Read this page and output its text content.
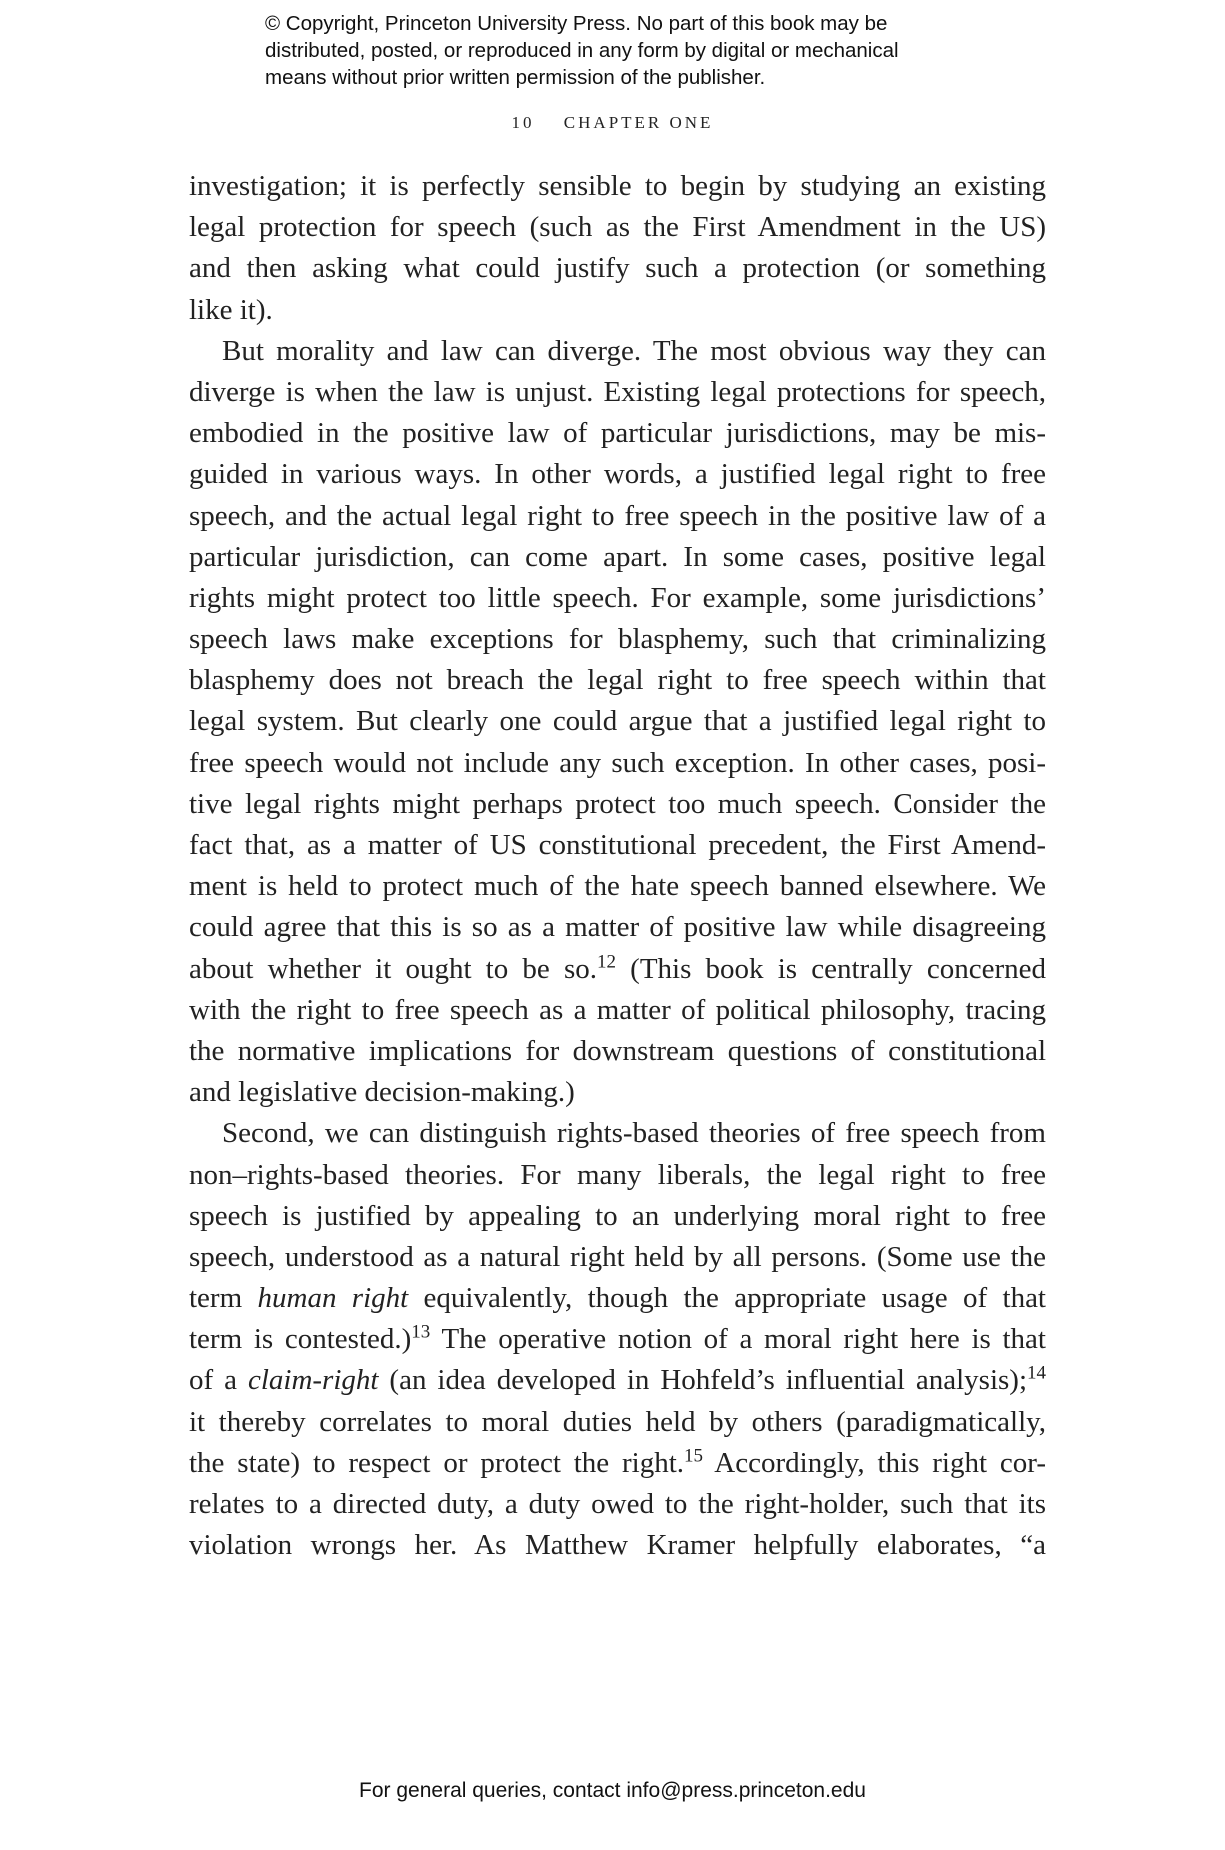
© Copyright, Princeton University Press. No part of this book may be
distributed, posted, or reproduced in any form by digital or mechanical
means without prior written permission of the publisher.
10 CHAPTER ONE
investigation; it is perfectly sensible to begin by studying an existing
legal protection for speech (such as the First Amendment in the US)
and then asking what could justify such a protection (or something
like it).
But morality and law can diverge. The most obvious way they can
diverge is when the law is unjust. Existing legal protections for speech,
embodied in the positive law of particular jurisdictions, may be mis-
guided in various ways. In other words, a justified legal right to free
speech, and the actual legal right to free speech in the positive law of a
particular jurisdiction, can come apart. In some cases, positive legal
rights might protect too little speech. For example, some jurisdictions’
speech laws make exceptions for blasphemy, such that criminalizing
blasphemy does not breach the legal right to free speech within that
legal system. But clearly one could argue that a justified legal right to
free speech would not include any such exception. In other cases, posi-
tive legal rights might perhaps protect too much speech. Consider the
fact that, as a matter of US constitutional precedent, the First Amend-
ment is held to protect much of the hate speech banned elsewhere. We
could agree that this is so as a matter of positive law while disagreeing
about whether it ought to be so.$^{12}$ (This book is centrally concerned
with the right to free speech as a matter of political philosophy, tracing
the normative implications for downstream questions of constitutional
and legislative decision-making.)
Second, we can distinguish rights-based theories of free speech from
non–rights-based theories. For many liberals, the legal right to free
speech is justified by appealing to an underlying moral right to free
speech, understood as a natural right held by all persons. (Some use the
term human right equivalently, though the appropriate usage of that
term is contested.)$^{13}$ The operative notion of a moral right here is that
of a claim-right (an idea developed in Hohfeld’s influential analysis);$^{14}$
it thereby correlates to moral duties held by others (paradigmatically,
the state) to respect or protect the right.$^{15}$ Accordingly, this right cor-
relates to a directed duty, a duty owed to the right-holder, such that its
violation wrongs her. As Matthew Kramer helpfully elaborates, “a
For general queries, contact info@press.princeton.edu
